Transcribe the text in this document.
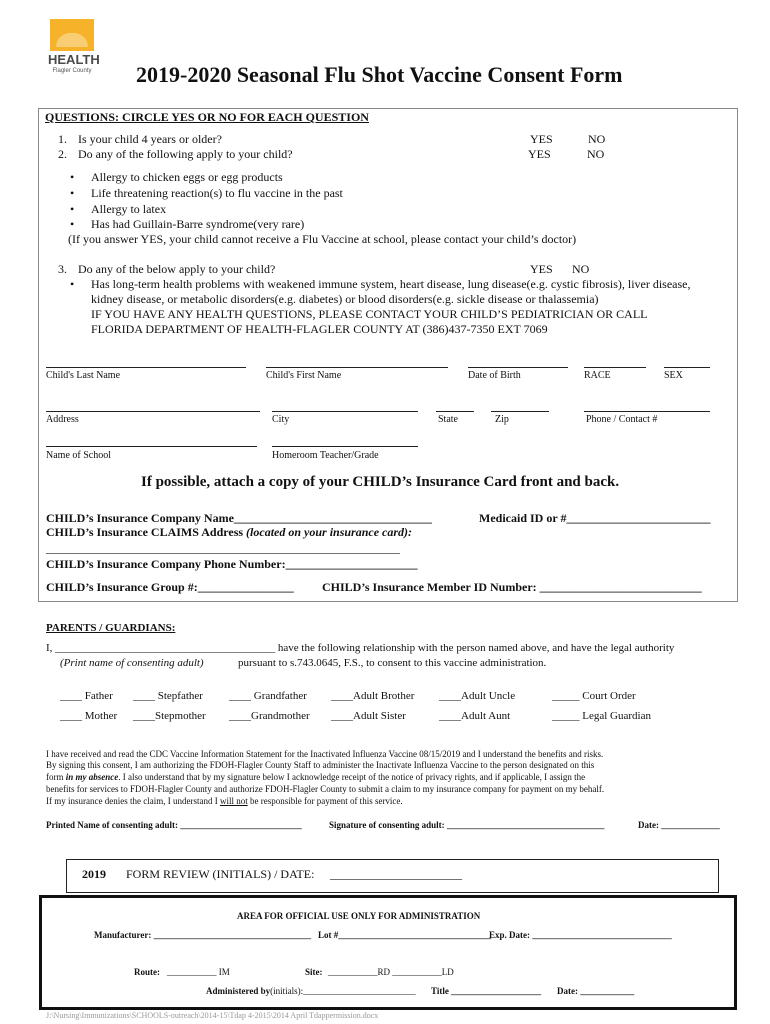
HEALTH
Flagler County 2019-2020 Seasonal Flu Shot Vaccine Consent Form
QUESTIONS: CIRCLE YES OR NO FOR EACH QUESTION
1. Is your child 4 years or older?	YES	NO
2. Do any of the following apply to your child?	YES	NO
• Allergy to chicken eggs or egg products
• Life threatening reaction(s) to flu vaccine in the past
• Allergy to latex
• Has had Guillain-Barre syndrome(very rare)
(If you answer YES, your child cannot receive a Flu Vaccine at school, please contact your child’s doctor)
3. Do any of the below apply to your child?	YES NO
• Has long-term health problems with weakened immune system, heart disease, lung disease(e.g. cystic fibrosis), liver disease,
kidney disease, or metabolic disorders(e.g. diabetes) or blood disorders(e.g. sickle disease or thalassemia)
IF YOU HAVE ANY HEALTH QUESTIONS, PLEASE CONTACT YOUR CHILD’S PEDIATRICIAN OR CALL
FLORIDA DEPARTMENT OF HEALTH-FLAGLER COUNTY AT (386)437-7350 EXT 7069
Child's Last Name	Child's First Name	Date of Birth	RACE	SEX
Address	City	State	Zip	Phone / Contact #
Name of School	Homeroom Teacher/Grade
If possible, attach a copy of your CHILD’s Insurance Card front and back.
CHILD’s Insurance Company Name_________________________________	Medicaid ID or #________________________
CHILD’s Insurance CLAIMS Address (located on your insurance card):
___________________________________________________________
CHILD’s Insurance Company Phone Number:______________________
CHILD’s Insurance Group #:________________ CHILD’s Insurance Member ID Number: ___________________________
PARENTS / GUARDIANS:
I, ________________________________________ have the following relationship with the person named above, and have the legal authority
(Print name of consenting adult)	pursuant to s.743.0645, F.S., to consent to this vaccine administration.
____ Father ____ Stepfather ____ Grandfather ____Adult Brother ____Adult Uncle	_____ Court Order
____ Mother ____Stepmother ____Grandmother ____Adult Sister	____Adult Aunt	_____ Legal Guardian
I have received and read the CDC Vaccine Information Statement for the Inactivated Influenza Vaccine 08/15/2019 and I understand the benefits and risks.
By signing this consent, I am authorizing the FDOH-Flagler County Staff to administer the Inactivate Influenza Vaccine to the person designated on this
form in my absence. I also understand that by my signature below I acknowledge receipt of the notice of privacy rights, and if applicable, I assign the
benefits for services to FDOH-Flagler County and authorize FDOH-Flagler County to submit a claim to my insurance company for payment on my behalf.
If my insurance denies the claim, I understand I will not be responsible for payment of this service.
Printed Name of consenting adult: ___________________________	Signature of consenting adult: ___________________________________	Date: _____________
2019 FORM REVIEW (INITIALS) / DATE: ______________________
AREA FOR OFFICIAL USE ONLY FOR ADMINISTRATION
Manufacturer: ___________________________________ Lot #__________________________________
Exp. Date: _______________________________
Route: ___________ IM	Site: ___________RD ___________LD
Administered by(initials):_________________________ Title ____________________ Date: ____________
J:\Nursing\Immunizations\SCHOOLS-outreach\2014-15\Tdap 4-2015\2014 April Tdappermission.docx
